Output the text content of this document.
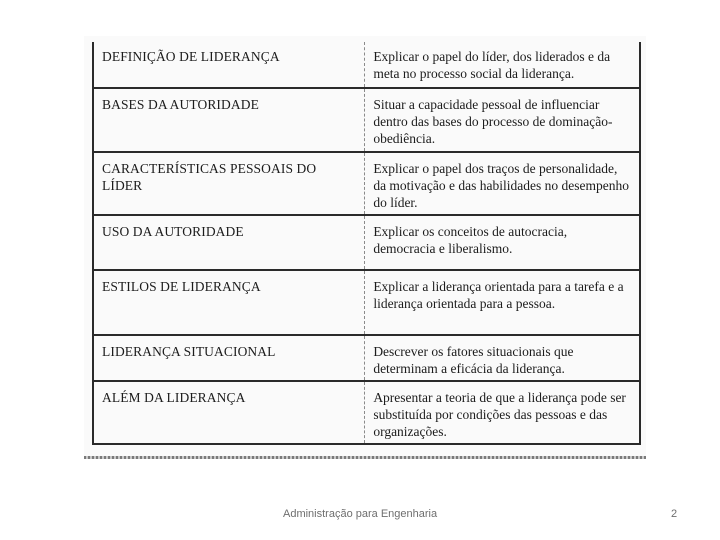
DEFINIÇÃO DE LIDERANÇA	Explicar o papel do líder, dos liderados e da meta no processo social da liderança.
BASES DA AUTORIDADE	Situar a capacidade pessoal de influenciar dentro das bases do processo de dominação-obediência.
CARACTERÍSTICAS PESSOAIS DO LÍDER	Explicar o papel dos traços de personalidade, da motivação e das habilidades no desempenho do líder.
USO DA AUTORIDADE	Explicar os conceitos de autocracia, democracia e liberalismo.
ESTILOS DE LIDERANÇA	Explicar a liderança orientada para a tarefa e a liderança orientada para a pessoa.
LIDERANÇA SITUACIONAL	Descrever os fatores situacionais que determinam a eficácia da liderança.
ALÉM DA LIDERANÇA	Apresentar a teoria de que a liderança pode ser substituída por condições das pessoas e das organizações.
Administração para Engenharia	2
